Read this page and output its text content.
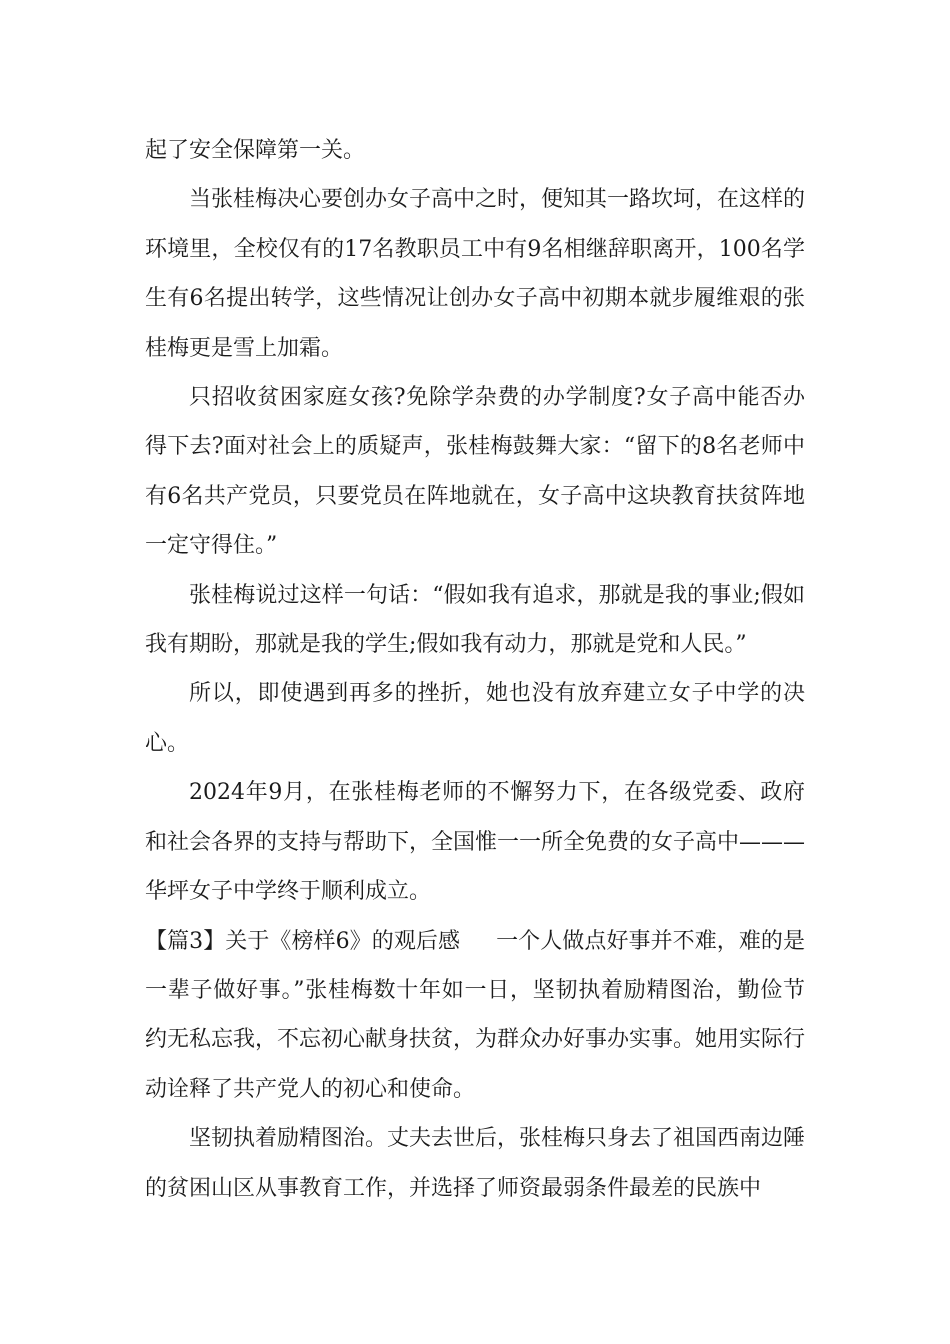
起了安全保障第一关。

当张桂梅决心要创办女子高中之时，便知其一路坎坷，在这样的环境里，全校仅有的17名教职员工中有9名相继辞职离开，100名学生有6名提出转学，这些情况让创办女子高中初期本就步履维艰的张桂梅更是雪上加霜。

只招收贫困家庭女孩?免除学杂费的办学制度?女子高中能否办得下去?面对社会上的质疑声，张桂梅鼓舞大家：“留下的8名老师中有6名共产党员，只要党员在阵地就在，女子高中这块教育扶贫阵地一定守得住。”

张桂梅说过这样一句话：“假如我有追求，那就是我的事业;假如我有期盼，那就是我的学生;假如我有动力，那就是党和人民。”

所以，即使遇到再多的挫折，她也没有放弃建立女子中学的决心。

2024年9月，在张桂梅老师的不懈努力下，在各级党委、政府和社会各界的支持与帮助下，全国惟一一所全免费的女子高中———华坪女子中学终于顺利成立。

【篇3】关于《榜样6》的观后感 一个人做点好事并不难，难的是一辈子做好事。”张桂梅数十年如一日，坚韧执着励精图治，勤俭节约无私忘我，不忘初心献身扶贫，为群众办好事办实事。她用实际行动诠释了共产党人的初心和使命。

坚韧执着励精图治。丈夫去世后，张桂梅只身去了祖国西南边陲的贫困山区从事教育工作，并选择了师资最弱条件最差的民族中
